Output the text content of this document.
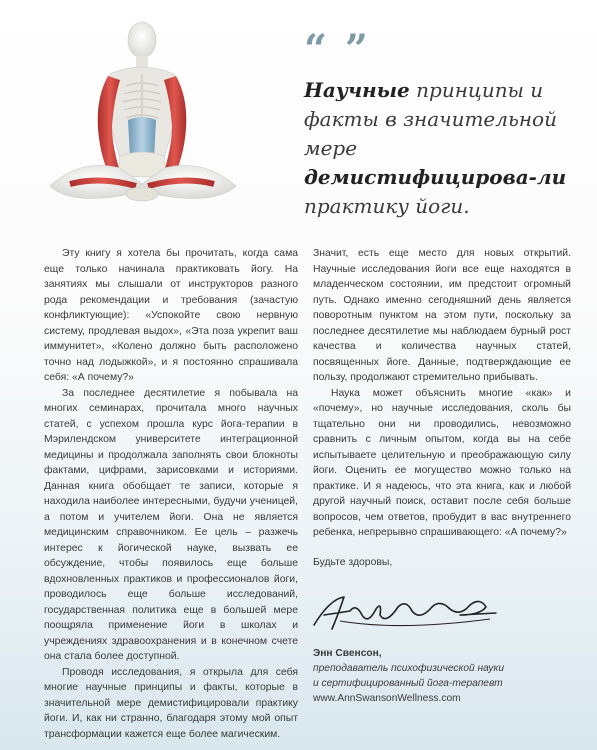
“ ”
Научные принципы и факты в значительной мере демистифицирова-ли практику йоги.

Эту книгу я хотела бы прочитать, когда сама еще только начинала практиковать йогу. На занятиях мы слышали от инструкторов разного рода рекомендации и требования (зачастую конфликтующие): «Успокойте свою нервную систему, продлевая выдох», «Эта поза укрепит ваш иммунитет», «Колено должно быть расположено точно над лодыжкой», и я постоянно спрашивала себя: «А почему?»

За последнее десятилетие я побывала на многих семинарах, прочитала много научных статей, с успехом прошла курс йога-терапии в Мэрилендском университете интеграционной медицины и продолжала заполнять свои блокноты фактами, цифрами, зарисовками и историями. Данная книга обобщает те записи, которые я находила наиболее интересными, будучи ученицей, а потом и учителем йоги. Она не является медицинским справочником. Ее цель – разжечь интерес к йогической науке, вызвать ее обсуждение, чтобы появилось еще больше вдохновленных практиков и профессионалов йоги, проводилось еще больше исследований, государственная политика еще в большей мере поощряла применение йоги в школах и учреждениях здравоохранения и в конечном счете она стала более доступной.

Проводя исследования, я открыла для себя многие научные принципы и факты, которые в значительной мере демистифицировали практику йоги. И, как ни странно, благодаря этому мой опыт трансформации кажется еще более магическим.

Значит, есть еще место для новых открытий. Научные исследования йоги все еще находятся в младенческом состоянии, им предстоит огромный путь. Однако именно сегодняшний день является поворотным пунктом на этом пути, поскольку за последнее десятилетие мы наблюдаем бурный рост качества и количества научных статей, посвященных йоге. Данные, подтверждающие ее пользу, продолжают стремительно прибывать.

Наука может объяснить многие «как» и «почему», но научные исследования, сколь бы тщательно они ни проводились, невозможно сравнить с личным опытом, когда вы на себе испытываете целительную и преображающую силу йоги. Оценить ее могущество можно только на практике. И я надеюсь, что эта книга, как и любой другой научный поиск, оставит после себя больше вопросов, чем ответов, пробудит в вас внутреннего ребенка, непрерывно спрашивающего: «А почему?»

Будьте здоровы,

Энн Свенсон,
преподаватель психофизической науки
и сертифицированный йога-терапевт
www.AnnSwansonWellness.com
